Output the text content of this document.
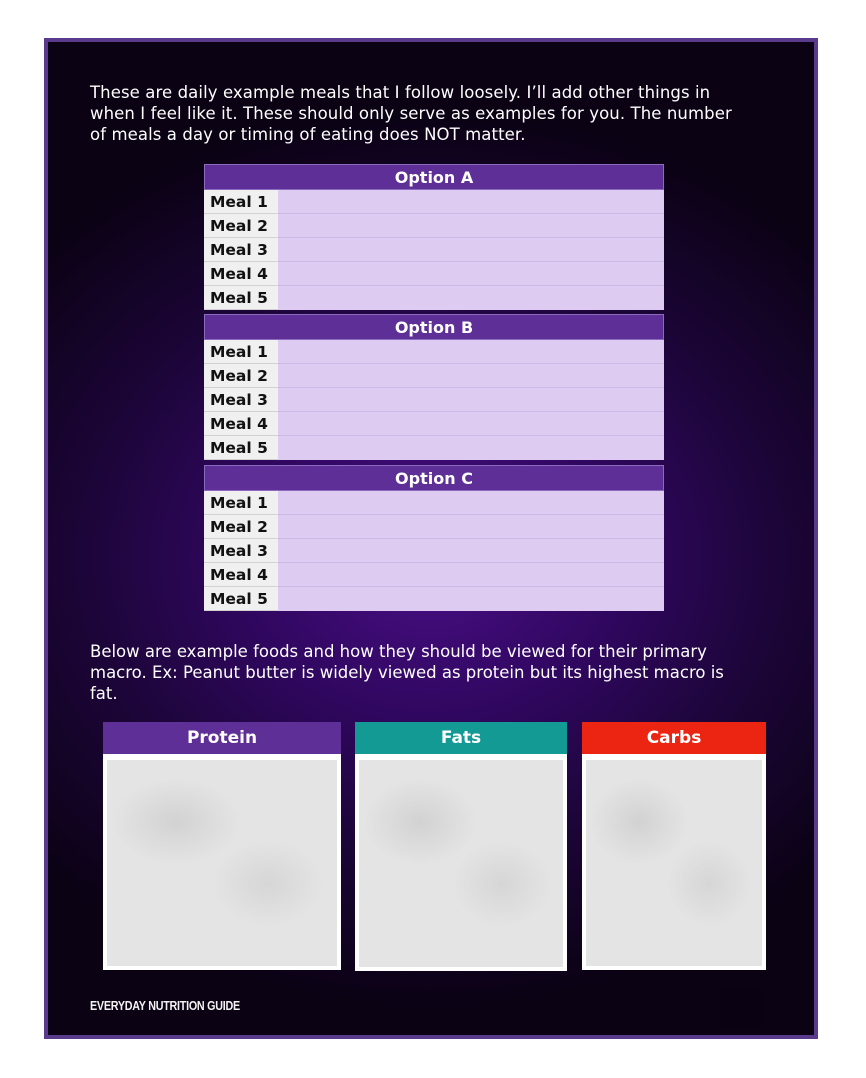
These are daily example meals that I follow loosely. I’ll add other things in when I feel like it. These should only serve as examples for you. The number of meals a day or timing of eating does NOT matter.

Option A
Meal 1
Meal 2
Meal 3
Meal 4
Meal 5
Option B
Meal 1
Meal 2
Meal 3
Meal 4
Meal 5
Option C
Meal 1
Meal 2
Meal 3
Meal 4
Meal 5

Below are example foods and how they should be viewed for their primary macro. Ex: Peanut butter is widely viewed as protein but its highest macro is fat.

Protein	Fats	Carbs

EVERYDAY NUTRITION GUIDE
